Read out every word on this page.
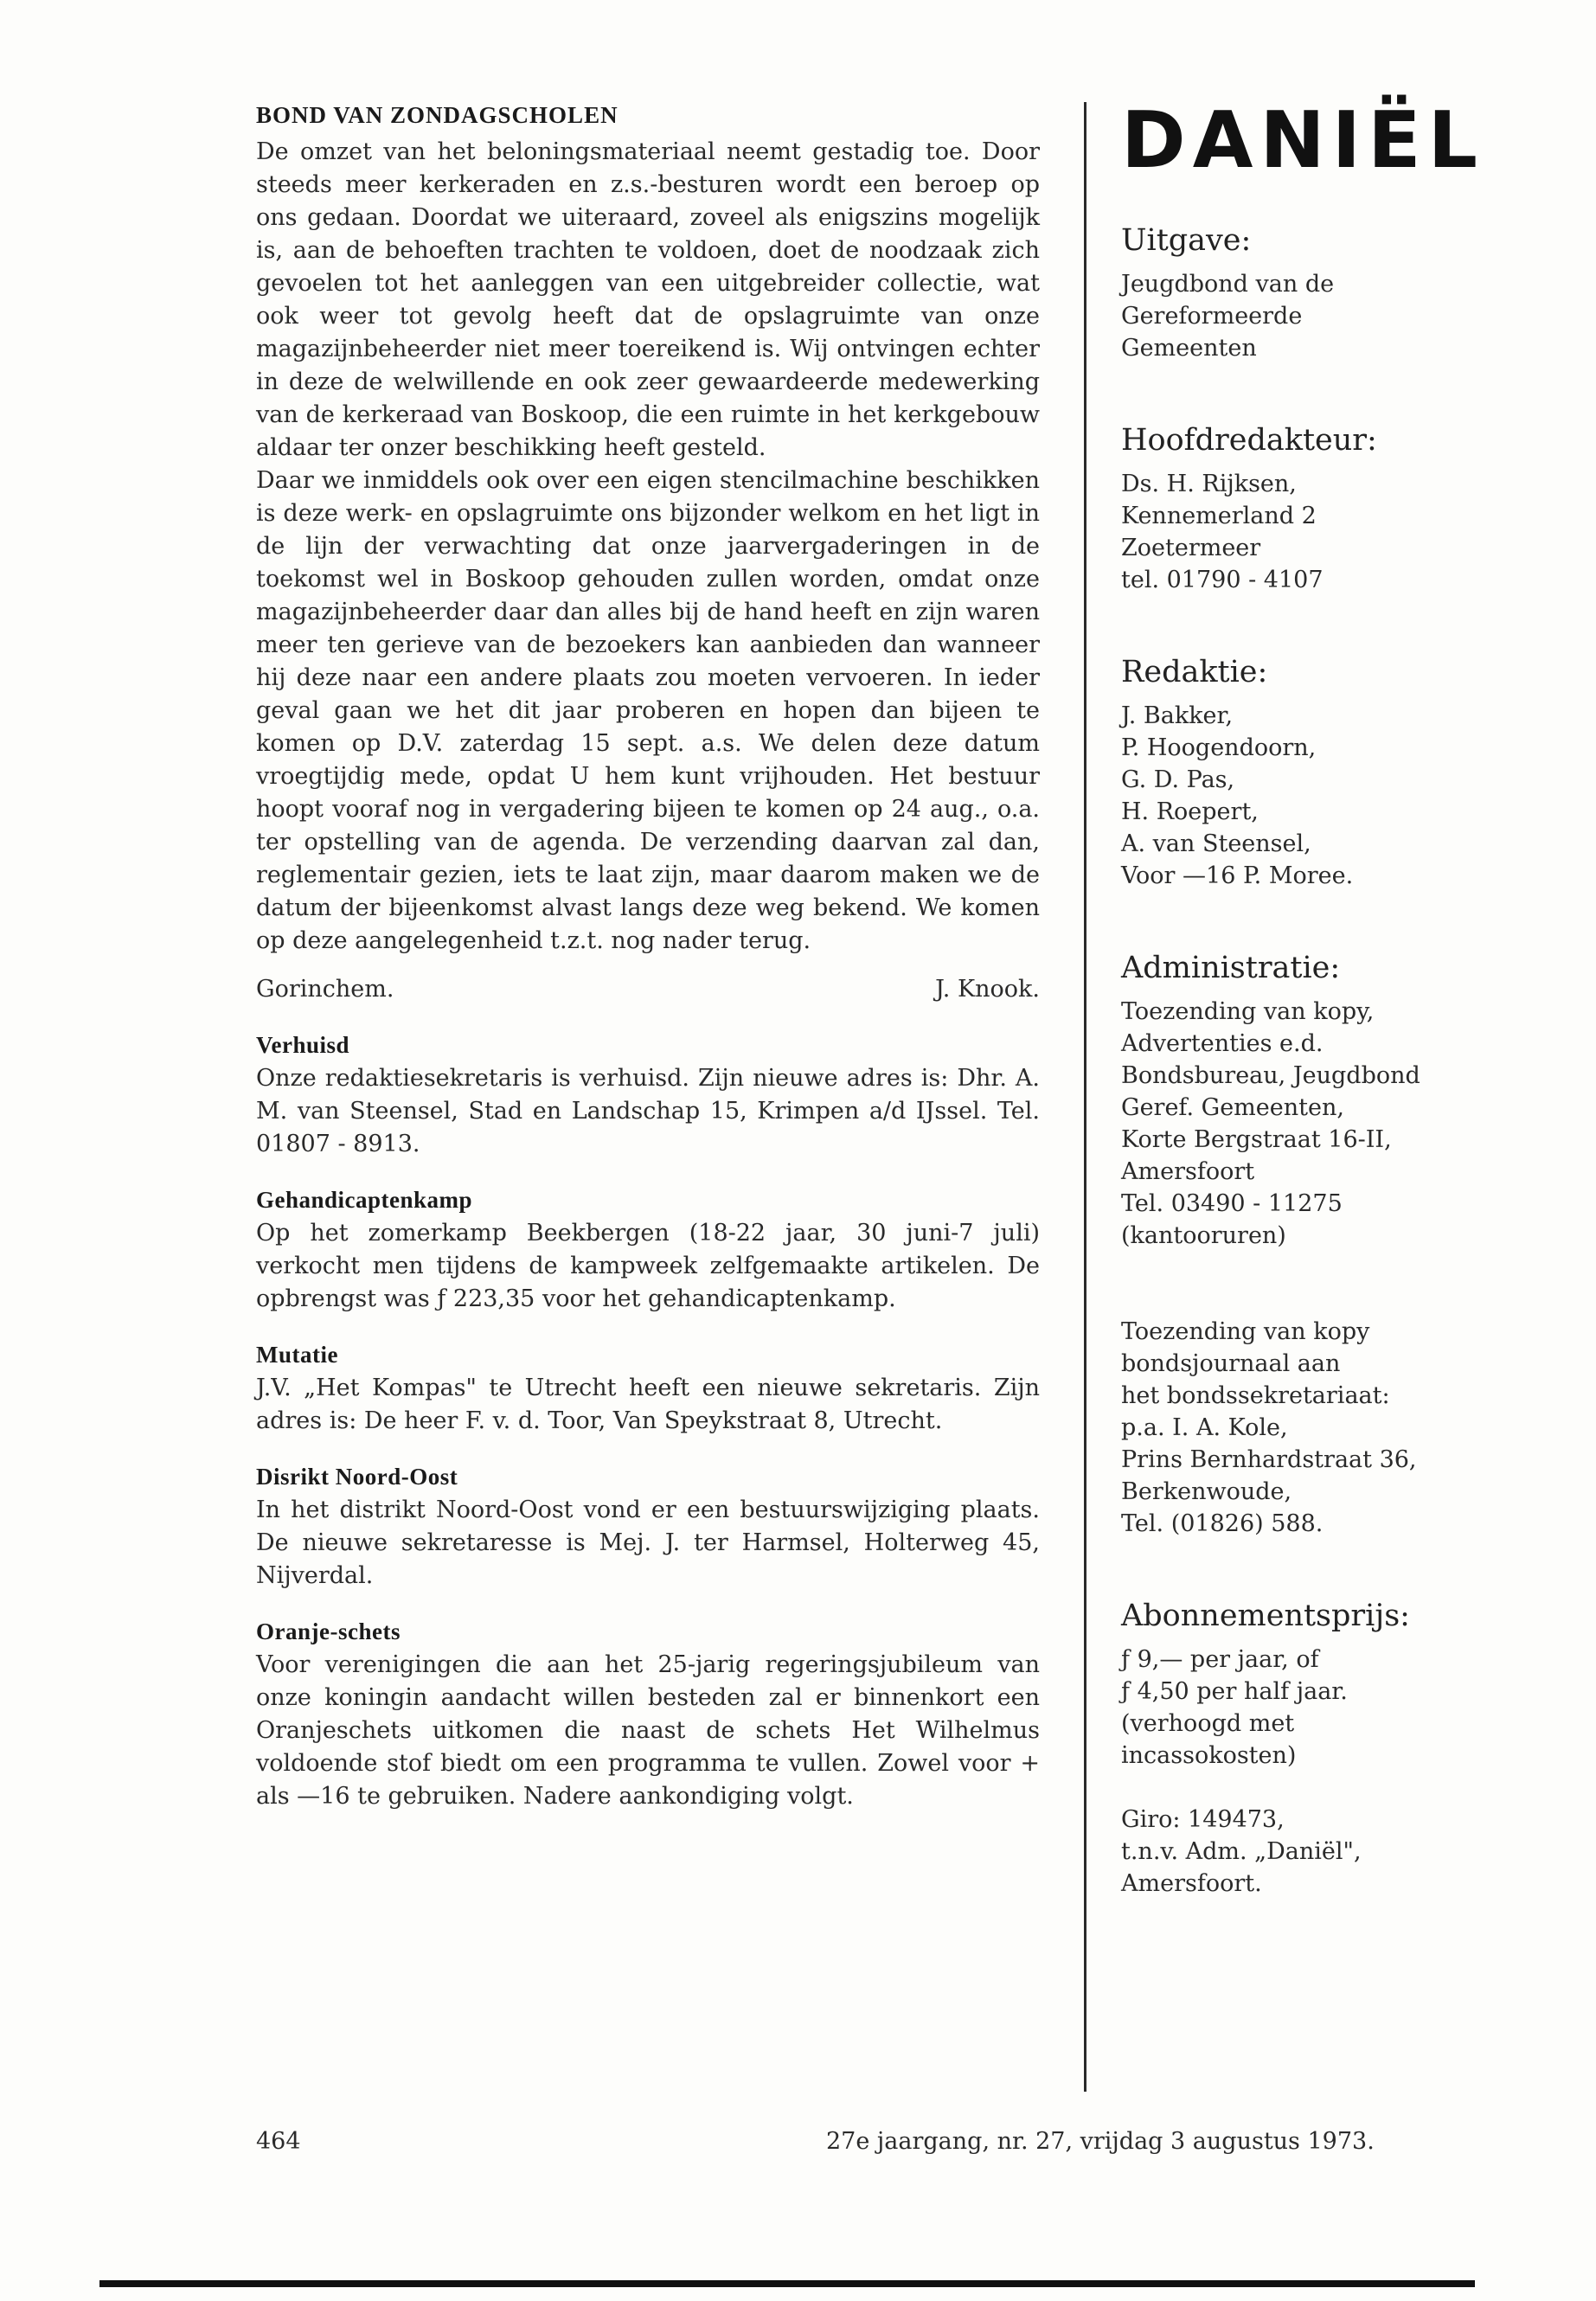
BOND VAN ZONDAGSCHOLEN

De omzet van het beloningsmateriaal neemt gestadig toe. Door steeds meer kerkeraden en z.s.-besturen wordt een beroep op ons gedaan. Doordat we uiteraard, zoveel als enigszins mogelijk is, aan de behoeften trachten te voldoen, doet de noodzaak zich gevoelen tot het aanleggen van een uitgebreider collectie, wat ook weer tot gevolg heeft dat de opslagruimte van onze magazijnbeheerder niet meer toereikend is. Wij ontvingen echter in deze de welwillende en ook zeer gewaardeerde medewerking van de kerkeraad van Boskoop, die een ruimte in het kerkgebouw aldaar ter onzer beschikking heeft gesteld.

Daar we inmiddels ook over een eigen stencilmachine beschikken is deze werk- en opslagruimte ons bijzonder welkom en het ligt in de lijn der verwachting dat onze jaarvergaderingen in de toekomst wel in Boskoop gehouden zullen worden, omdat onze magazijnbeheerder daar dan alles bij de hand heeft en zijn waren meer ten gerieve van de bezoekers kan aanbieden dan wanneer hij deze naar een andere plaats zou moeten vervoeren. In ieder geval gaan we het dit jaar proberen en hopen dan bijeen te komen op D.V. zaterdag 15 sept. a.s. We delen deze datum vroegtijdig mede, opdat U hem kunt vrijhouden. Het bestuur hoopt vooraf nog in vergadering bijeen te komen op 24 aug., o.a. ter opstelling van de agenda. De verzending daarvan zal dan, reglementair gezien, iets te laat zijn, maar daarom maken we de datum der bijeenkomst alvast langs deze weg bekend. We komen op deze aangelegenheid t.z.t. nog nader terug.

Gorinchem.	J. Knook.
Verhuisd

Onze redaktiesekretaris is verhuisd. Zijn nieuwe adres is: Dhr. A. M. van Steensel, Stad en Landschap 15, Krimpen a/d IJssel. Tel. 01807 - 8913.

Gehandicaptenkamp

Op het zomerkamp Beekbergen (18-22 jaar, 30 juni-7 juli) verkocht men tijdens de kampweek zelfgemaakte artikelen. De opbrengst was ƒ 223,35 voor het gehandicaptenkamp.

Mutatie

J.V. „Het Kompas" te Utrecht heeft een nieuwe sekretaris. Zijn adres is: De heer F. v. d. Toor, Van Speykstraat 8, Utrecht.

Disrikt Noord-Oost

In het distrikt Noord-Oost vond er een bestuurswijziging plaats. De nieuwe sekretaresse is Mej. J. ter Harmsel, Holterweg 45, Nijverdal.

Oranje-schets

Voor verenigingen die aan het 25-jarig regeringsjubileum van onze koningin aandacht willen besteden zal er binnenkort een Oranjeschets uitkomen die naast de schets Het Wilhelmus voldoende stof biedt om een programma te vullen. Zowel voor + als —16 te gebruiken. Nadere aankondiging volgt.

DANIËL
Uitgave:
Jeugdbond van de
Gereformeerde
Gemeenten
Hoofdredakteur:
Ds. H. Rijksen,
Kennemerland 2
Zoetermeer
tel. 01790 - 4107
Redaktie:
J. Bakker,
P. Hoogendoorn,
G. D. Pas,
H. Roepert,
A. van Steensel,
Voor —16 P. Moree.
Administratie:
Toezending van kopy,
Advertenties e.d.
Bondsbureau, Jeugdbond
Geref. Gemeenten,
Korte Bergstraat 16-II,
Amersfoort
Tel. 03490 - 11275
(kantooruren)

Toezending van kopy
bondsjournaal aan
het bondssekretariaat:
p.a. I. A. Kole,
Prins Bernhardstraat 36,
Berkenwoude,
Tel. (01826) 588.
Abonnementsprijs:
ƒ 9,— per jaar, of
ƒ 4,50 per half jaar.
(verhoogd met
incassokosten)

Giro: 149473,
t.n.v. Adm. „Daniël",
Amersfoort.
464	27e jaargang, nr. 27, vrijdag 3 augustus 1973.
